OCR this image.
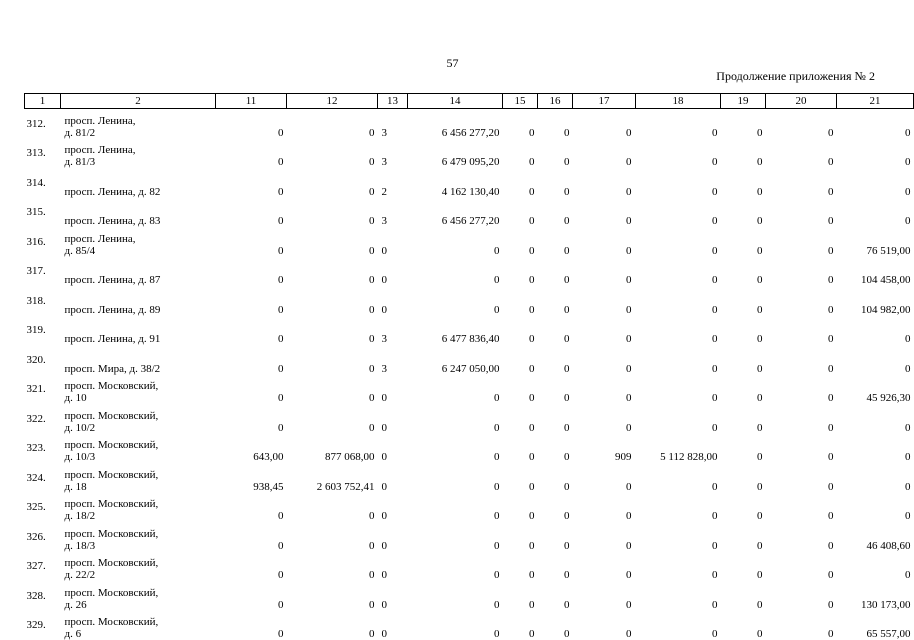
57
Продолжение приложения № 2
1	2	11	12	13	14	15	16	17	18	19	20	21
312.	просп. Ленина,
д. 81/2	0	0	3	6 456 277,20	0	0	0	0	0	0	0
313.	просп. Ленина,
д. 81/3	0	0	3	6 479 095,20	0	0	0	0	0	0	0
314.	просп. Ленина, д. 82	0	0	2	4 162 130,40	0	0	0	0	0	0	0
315.	просп. Ленина, д. 83	0	0	3	6 456 277,20	0	0	0	0	0	0	0
316.	просп. Ленина,
д. 85/4	0	0	0	0	0	0	0	0	0	0	76 519,00
317.	просп. Ленина, д. 87	0	0	0	0	0	0	0	0	0	0	104 458,00
318.	просп. Ленина, д. 89	0	0	0	0	0	0	0	0	0	0	104 982,00
319.	просп. Ленина, д. 91	0	0	3	6 477 836,40	0	0	0	0	0	0	0
320.	просп. Мира, д. 38/2	0	0	3	6 247 050,00	0	0	0	0	0	0	0
321.	просп. Московский,
д. 10	0	0	0	0	0	0	0	0	0	0	45 926,30
322.	просп. Московский,
д. 10/2	0	0	0	0	0	0	0	0	0	0	0
323.	просп. Московский,
д. 10/3	643,00	877 068,00	0	0	0	0	909	5 112 828,00	0	0	0
324.	просп. Московский,
д. 18	938,45	2 603 752,41	0	0	0	0	0	0	0	0	0
325.	просп. Московский,
д. 18/2	0	0	0	0	0	0	0	0	0	0	0
326.	просп. Московский,
д. 18/3	0	0	0	0	0	0	0	0	0	0	46 408,60
327.	просп. Московский,
д. 22/2	0	0	0	0	0	0	0	0	0	0	0
328.	просп. Московский,
д. 26	0	0	0	0	0	0	0	0	0	0	130 173,00
329.	просп. Московский,
д. 6	0	0	0	0	0	0	0	0	0	0	65 557,00
